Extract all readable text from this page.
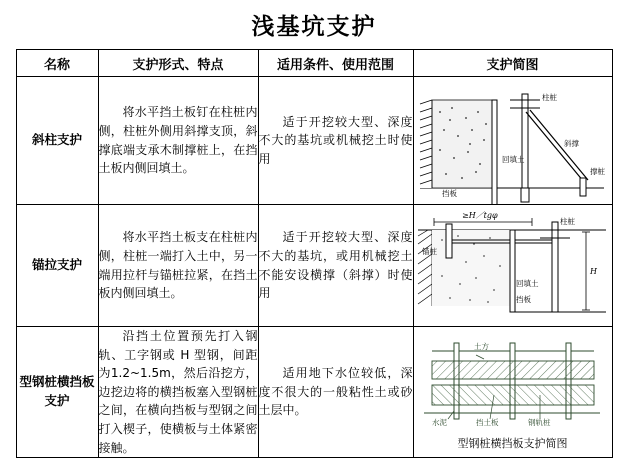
浅基坑支护
名称	支护形式、特点	适用条件、使用范围	支护简图
斜柱支护	将水平挡土板钉在柱桩内侧，柱桩外侧用斜撑支顶，斜撑底端支承木制撑桩上，在挡土板内侧回填土。	适于开挖较大型、深度不大的基坑或机械挖土时使用	柱桩
挡板
回填土
斜撑
撑桩

锚拉支护	将水平挡土板支在柱桩内侧，柱桩一端打入土中，另一端用拉杆与锚桩拉紧，在挡土板内侧回填土。	适于开挖较大型、深度不大的基坑，或用机械挖土不能安设横撑（斜撑）时使用	
≥H／tgφ
H
柱桩
锚桩
回填土
挡板

型钢桩横挡板支护	沿挡土位置预先打入钢轨、工字钢或 H 型钢，间距为1.2~1.5m，然后沿挖方，边挖边将的横挡板塞入型钢桩之间，在横向挡板与型钢之间打入楔子，使横板与土体紧密接触。	适用地下水位较低，深度不很大的一般粘性土或砂土层中。	土方
水泥 挡土板 钢轨桩
型钢桩横挡板支护简图
